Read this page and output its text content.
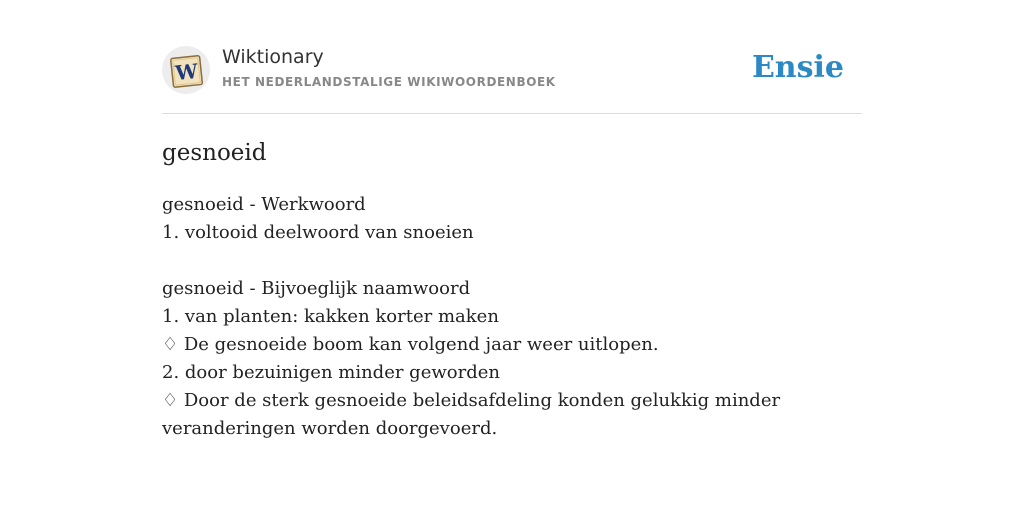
W
Wiktionary
HET NEDERLANDSTALIGE WIKIWOORDENBOEK	Ensie
gesnoeid
gesnoeid - Werkwoord
1. voltooid deelwoord van snoeien
gesnoeid - Bijvoeglijk naamwoord
1. van planten: kakken korter maken
♢ De gesnoeide boom kan volgend jaar weer uitlopen.
2. door bezuinigen minder geworden
♢ Door de sterk gesnoeide beleidsafdeling konden gelukkig minder
veranderingen worden doorgevoerd.
